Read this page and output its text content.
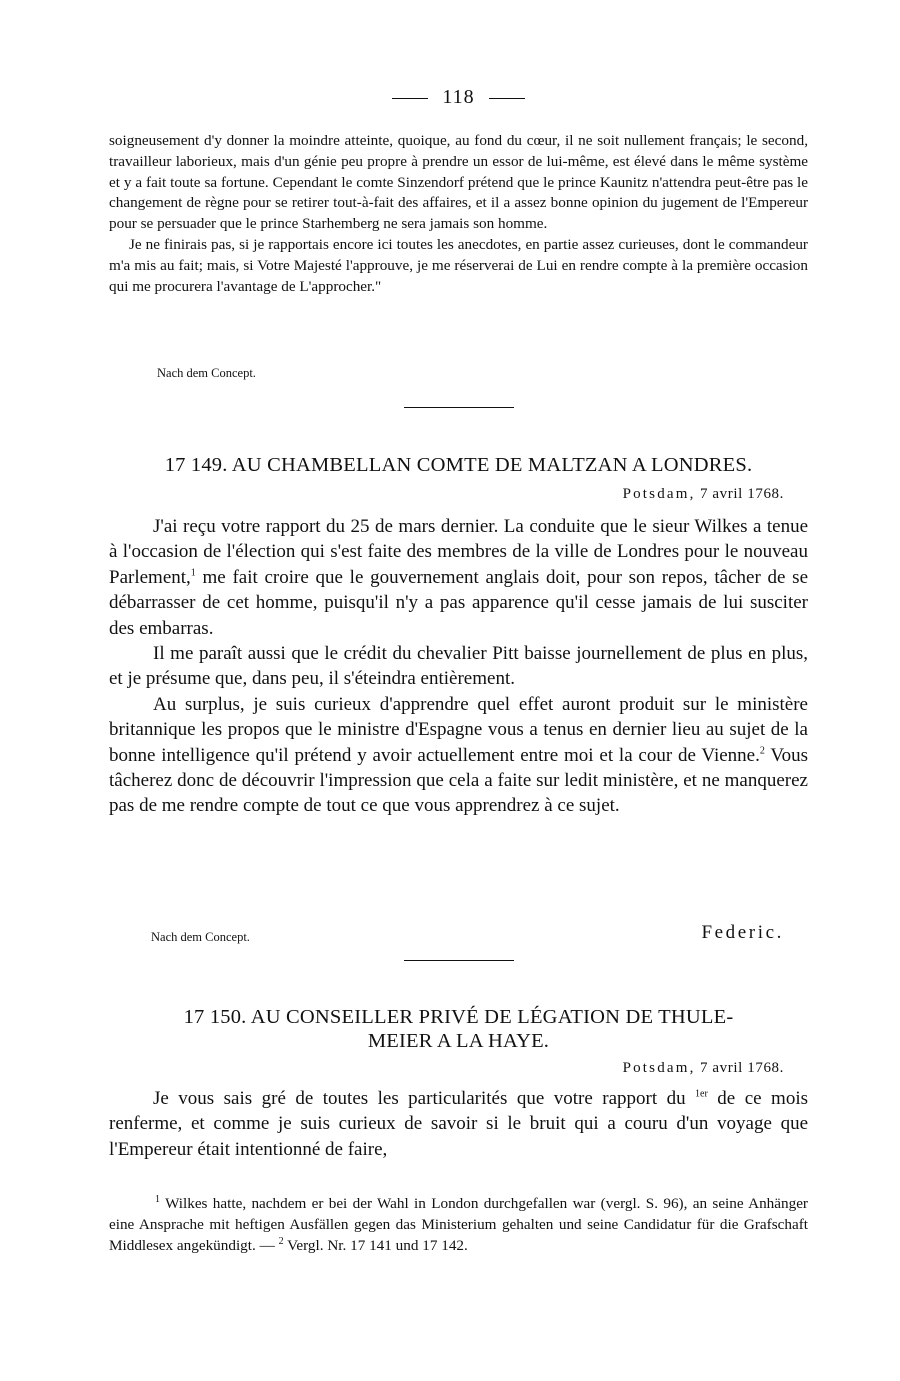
118

soigneusement d'y donner la moindre atteinte, quoique, au fond du cœur, il ne soit nullement français; le second, travailleur laborieux, mais d'un génie peu propre à prendre un essor de lui-même, est élevé dans le même système et y a fait toute sa fortune. Cependant le comte Sinzendorf prétend que le prince Kaunitz n'attendra peut-être pas le changement de règne pour se retirer tout-à-fait des affaires, et il a assez bonne opinion du jugement de l'Empereur pour se persuader que le prince Starhemberg ne sera jamais son homme.

Je ne finirais pas, si je rapportais encore ici toutes les anecdotes, en partie assez curieuses, dont le commandeur m'a mis au fait; mais, si Votre Majesté l'approuve, je me réserverai de Lui en rendre compte à la première occasion qui me procurera l'avantage de L'approcher."

Nach dem Concept.

17 149. AU CHAMBELLAN COMTE DE MALTZAN A LONDRES.

Potsdam, 7 avril 1768.

J'ai reçu votre rapport du 25 de mars dernier. La conduite que le sieur Wilkes a tenue à l'occasion de l'élection qui s'est faite des membres de la ville de Londres pour le nouveau Parlement,$^1$ me fait croire que le gouvernement anglais doit, pour son repos, tâcher de se débarrasser de cet homme, puisqu'il n'y a pas apparence qu'il cesse jamais de lui susciter des embarras.

Il me paraît aussi que le crédit du chevalier Pitt baisse journellement de plus en plus, et je présume que, dans peu, il s'éteindra entièrement.

Au surplus, je suis curieux d'apprendre quel effet auront produit sur le ministère britannique les propos que le ministre d'Espagne vous a tenus en dernier lieu au sujet de la bonne intelligence qu'il prétend y avoir actuellement entre moi et la cour de Vienne.$^2$ Vous tâcherez donc de découvrir l'impression que cela a faite sur ledit ministère, et ne manquerez pas de me rendre compte de tout ce que vous apprendrez à ce sujet.

Nach dem Concept.	Federic.

17 150. AU CONSEILLER PRIVÉ DE LÉGATION DE THULE-

MEIER A LA HAYE.

Potsdam, 7 avril 1768.

Je vous sais gré de toutes les particularités que votre rapport du $^{1er}$ de ce mois renferme, et comme je suis curieux de savoir si le bruit qui a couru d'un voyage que l'Empereur était intentionné de faire,

$^1$ Wilkes hatte, nachdem er bei der Wahl in London durchgefallen war (vergl. S. 96), an seine Anhänger eine Ansprache mit heftigen Ausfällen gegen das Ministerium gehalten und seine Candidatur für die Grafschaft Middlesex angekündigt. — $^2$ Vergl. Nr. 17 141 und 17 142.
